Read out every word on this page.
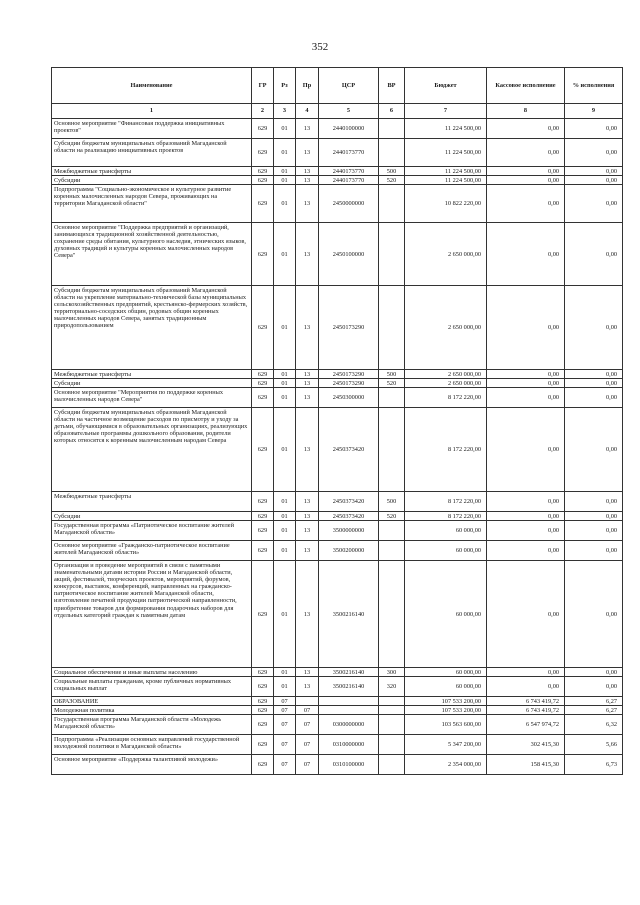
352
Наименование	ГР	Рз	Пр	ЦСР	ВР	Бюджет	Кассовое исполнение	% исполнения
1	2	3	4	5	6	7	8	9
Основное мероприятие "Финансовая поддержка инициативных проектов"	629	01	13	2440100000		11 224 500,00	0,00	0,00
Субсидии бюджетам муниципальных образований Магаданской области на реализацию инициативных проектов	629	01	13	2440173770		11 224 500,00	0,00	0,00
Межбюджетные трансферты	629	01	13	2440173770	500	11 224 500,00	0,00	0,00
Субсидии	629	01	13	2440173770	520	11 224 500,00	0,00	0,00
Подпрограмма "Социально-экономическое и культурное развитие коренных малочисленных народов Севера, проживающих на территории Магаданской области"	629	01	13	2450000000		10 822 220,00	0,00	0,00
Основное мероприятие "Поддержка предприятий и организаций, занимающихся традиционной хозяйственной деятельностью, сохранение среды обитания, культурного наследия, этнических языков, духовных традиций и культуры коренных малочисленных народов Севера"	629	01	13	2450100000		2 650 000,00	0,00	0,00
Субсидии бюджетам муниципальных образований Магаданской области на укрепление материально-технической базы муниципальных сельскохозяйственных предприятий, крестьянско-фермерских хозяйств, территориально-соседских общин, родовых общин коренных малочисленных народов Севера, занятых традиционным природопользованием	629	01	13	2450173290		2 650 000,00	0,00	0,00
Межбюджетные трансферты	629	01	13	2450173290	500	2 650 000,00	0,00	0,00
Субсидии	629	01	13	2450173290	520	2 650 000,00	0,00	0,00
Основное мероприятие "Мероприятия по поддержке коренных малочисленных народов Севера"	629	01	13	2450300000		8 172 220,00	0,00	0,00
Субсидии бюджетам муниципальных образований Магаданской области на частичное возмещение расходов по присмотру и уходу за детьми, обучающимися в образовательных организациях, реализующих образовательные программы дошкольного образования, родители которых относятся к коренным малочисленным народам Севера	629	01	13	2450373420		8 172 220,00	0,00	0,00
Межбюджетные трансферты	629	01	13	2450373420	500	8 172 220,00	0,00	0,00
Субсидии	629	01	13	2450373420	520	8 172 220,00	0,00	0,00
Государственная программа «Патриотическое воспитание жителей Магаданской области»	629	01	13	3500000000		60 000,00	0,00	0,00
Основное мероприятие «Гражданско-патриотическое воспитание жителей Магаданской области»	629	01	13	3500200000		60 000,00	0,00	0,00
Организация и проведение мероприятий в связи с памятными знаменательными датами истории России и Магаданской области, акций, фестивалей, творческих проектов, мероприятий, форумов, конкурсов, выставок, конференций, направленных на гражданско-патриотическое воспитание жителей Магаданской области, изготовление печатной продукции патриотической направленности, приобретение товаров для формирования подарочных наборов для отдельных категорий граждан к памятным датам	629	01	13	3500216140		60 000,00	0,00	0,00
Социальное обеспечение и иные выплаты населению	629	01	13	3500216140	300	60 000,00	0,00	0,00
Социальные выплаты гражданам, кроме публичных нормативных социальных выплат	629	01	13	3500216140	320	60 000,00	0,00	0,00
ОБРАЗОВАНИЕ	629	07				107 533 200,00	6 743 419,72	6,27
Молодежная политика	629	07	07			107 533 200,00	6 743 419,72	6,27
Государственная программа Магаданской области «Молодежь Магаданской области»	629	07	07	0300000000		103 563 600,00	6 547 974,72	6,32
Подпрограмма «Реализация основных направлений государственной молодежной политики в Магаданской области»	629	07	07	0310000000		5 347 200,00	302 415,30	5,66
Основное мероприятие «Поддержка талантливой молодежи»	629	07	07	0310100000		2 354 000,00	158 415,30	6,73
